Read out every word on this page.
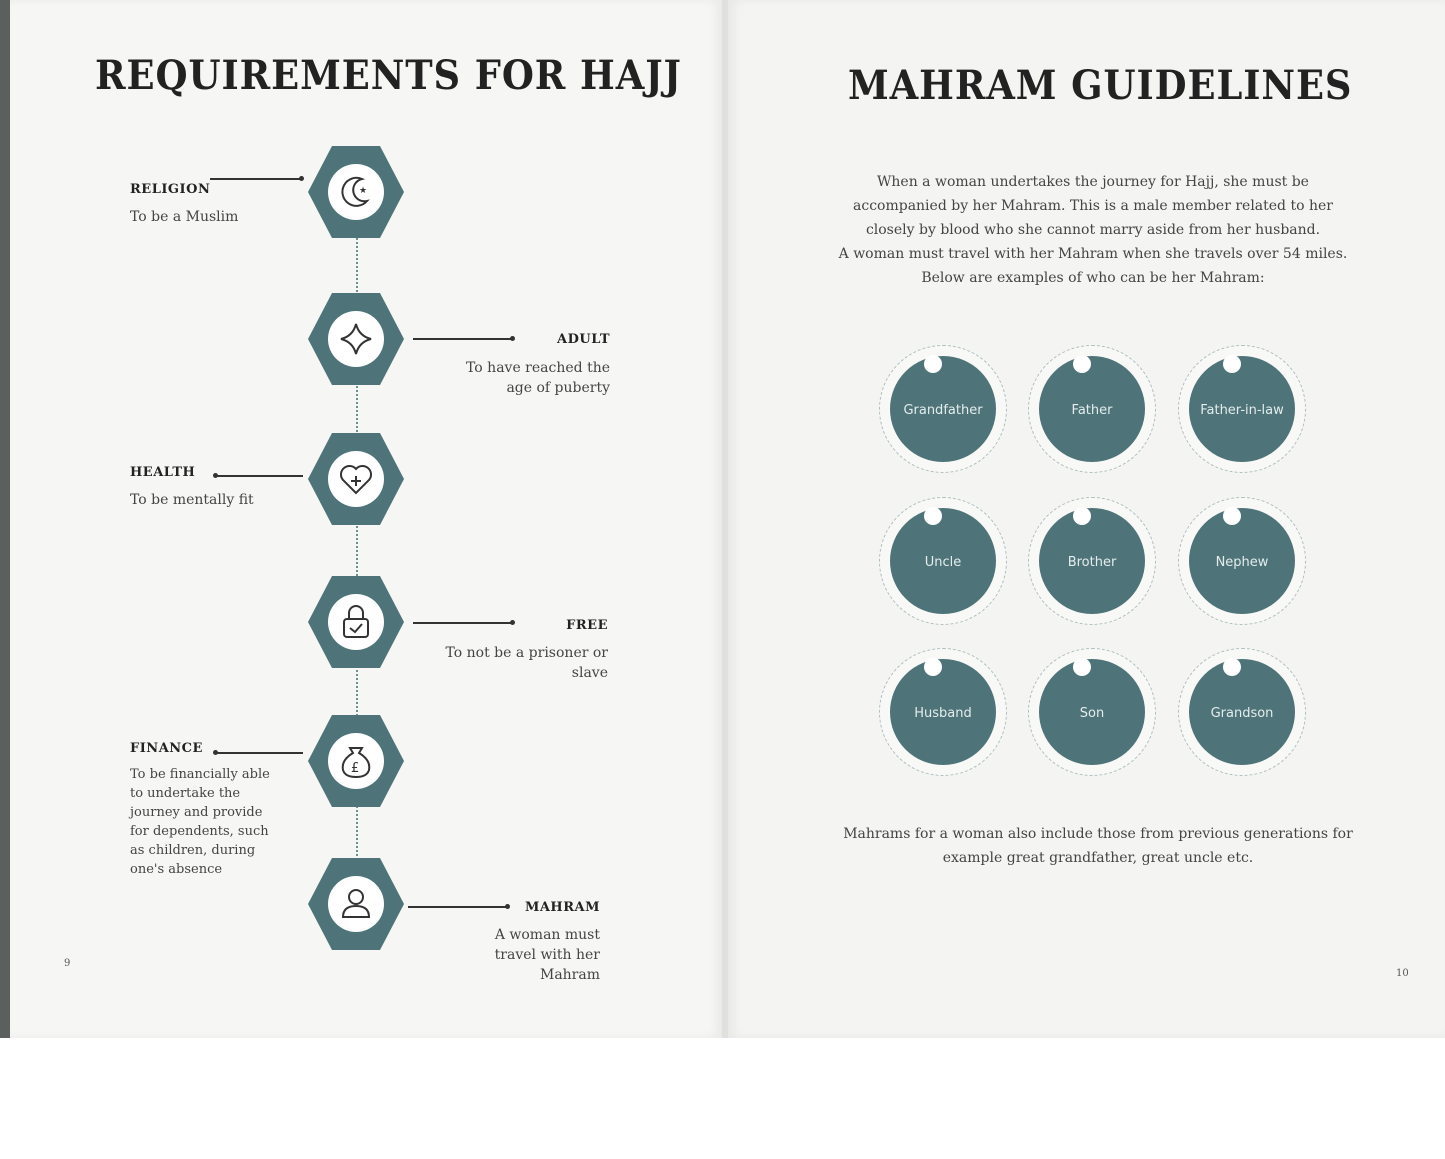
REQUIREMENTS FOR HAJJ
★
RELIGION
To be a Muslim
ADULT
To have reached the age of puberty
HEALTH
To be mentally fit
FREE
To not be a prisoner or slave
£
FINANCE
To be financially able to undertake the journey and provide for dependents, such as children, during one's absence
MAHRAM
A woman must travel with her Mahram
9
MAHRAM GUIDELINES

When a woman undertakes the journey for Hajj, she must be

accompanied by her Mahram. This is a male member related to her

closely by blood who she cannot marry aside from her husband.

A woman must travel with her Mahram when she travels over 54 miles.

Below are examples of who can be her Mahram:

Grandfather	Father	Father-in-law
Uncle	Brother	Nephew
Husband	Son	Grandson

Mahrams for a woman also include those from previous generations for

example great grandfather, great uncle etc.

10
